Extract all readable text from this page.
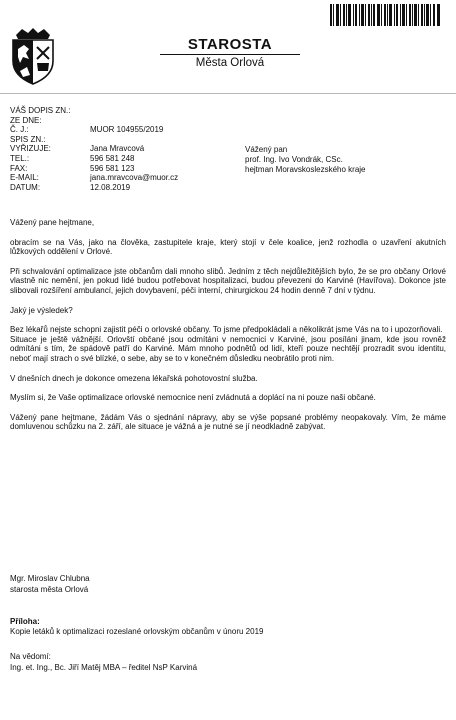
STAROSTA
Města Orlová
VÁŠ DOPIS ZN.:
ZE DNE:
Č. J.:	MUOR 104955/2019
SPIS ZN.:
VYŘIZUJE:	Jana Mravcová
TEL.:	596 581 248
FAX:	596 581 123
E-MAIL:	jana.mravcova@muor.cz
DATUM:	12.08.2019
Vážený pan
prof. Ing. Ivo Vondrák, CSc.
hejtman Moravskoslezského kraje

Vážený pane hejtmane,

obracím se na Vás, jako na člověka, zastupitele kraje, který stojí v čele koalice, jenž rozhodla o uzavření akutních lůžkových oddělení v Orlové.

Při schvalování optimalizace jste občanům dali mnoho slibů. Jedním z těch nejdůležitějších bylo, že se pro občany Orlové vlastně nic nemění, jen pokud lidé budou potřebovat hospitalizaci, budou převezeni do Karviné (Havířova). Dokonce jste slibovali rozšíření ambulancí, jejich dovybavení, péči interní, chirurgickou 24 hodin denně 7 dní v týdnu.

Jaký je výsledek?

Bez lékařů nejste schopni zajistit péči o orlovské občany. To jsme předpokládali a několikrát jsme Vás na to i upozorňovali.

Situace je ještě vážnější. Orlovští občané jsou odmítáni v nemocnici v Karviné, jsou posíláni jinam, kde jsou rovněž odmítáni s tím, že spádově patří do Karviné. Mám mnoho podnětů od lidí, kteří pouze nechtějí prozradit svou identitu, neboť mají strach o své blízké, o sebe, aby se to v konečném důsledku neobrátilo proti nim.

V dnešních dnech je dokonce omezena lékařská pohotovostní služba.

Myslím si, že Vaše optimalizace orlovské nemocnice není zvládnutá a doplácí na ni pouze naši občané.

Vážený pane hejtmane, žádám Vás o sjednání nápravy, aby se výše popsané problémy neopakovaly. Vím, že máme domluvenou schůzku na 2. září, ale situace je vážná a je nutné se jí neodkladně zabývat.

Mgr. Miroslav Chlubna
starosta města Orlová
Příloha:
Kopie letáků k optimalizaci rozeslané orlovským občanům v únoru 2019
Na vědomí:
Ing. et. Ing., Bc. Jiří Matěj MBA – ředitel NsP Karviná
